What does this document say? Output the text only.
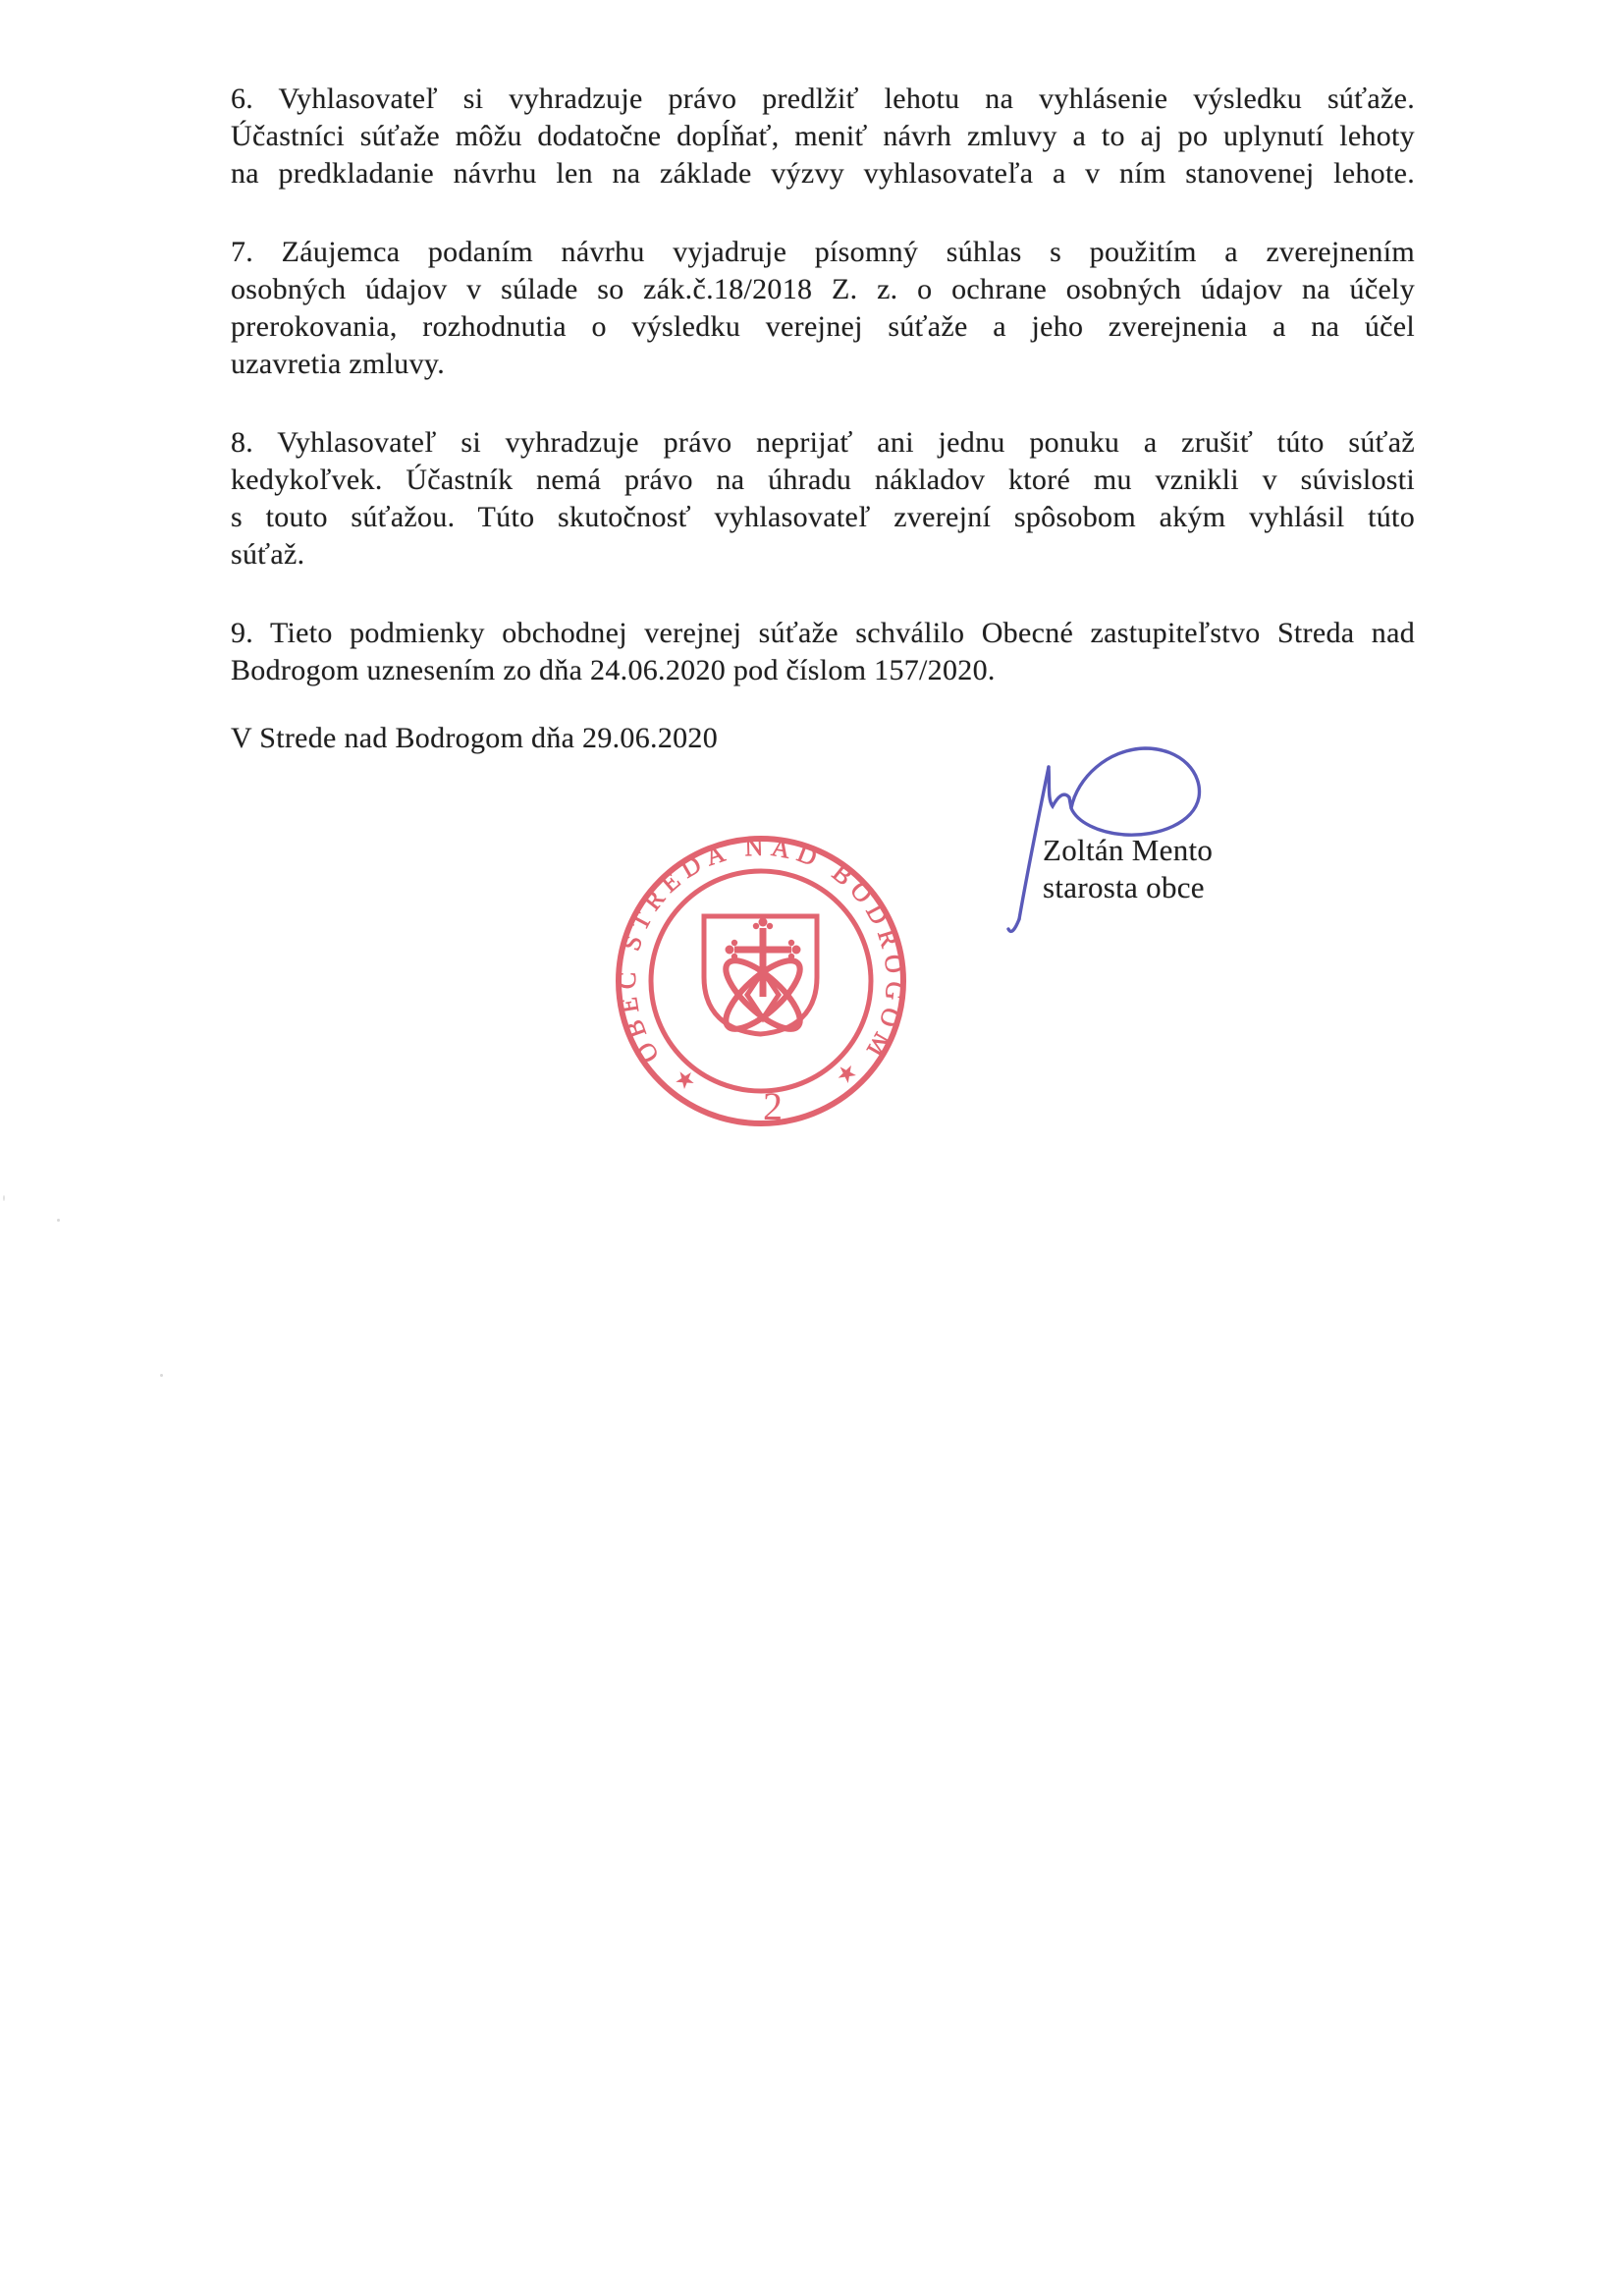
6. Vyhlasovateľ si vyhradzuje právo predlžiť lehotu na vyhlásenie výsledku súťaže.
Účastníci súťaže môžu dodatočne dopĺňať, meniť návrh zmluvy a to aj po uplynutí lehoty
na predkladanie návrhu len na základe výzvy vyhlasovateľa a v ním stanovenej lehote.
7. Záujemca podaním návrhu vyjadruje písomný súhlas s použitím a zverejnením
osobných údajov v súlade so zák.č.18/2018 Z. z. o ochrane osobných údajov na účely
prerokovania, rozhodnutia o výsledku verejnej súťaže a jeho zverejnenia a na účel
uzavretia zmluvy.
8. Vyhlasovateľ si vyhradzuje právo neprijať ani jednu ponuku a zrušiť túto súťaž
kedykoľvek. Účastník nemá právo na úhradu nákladov ktoré mu vznikli v súvislosti
s touto súťažou. Túto skutočnosť vyhlasovateľ zverejní spôsobom akým vyhlásil túto
súťaž.
9. Tieto podmienky obchodnej verejnej súťaže schválilo Obecné zastupiteľstvo Streda nad
Bodrogom uznesením zo dňa 24.06.2020 pod číslom 157/2020.
V Strede nad Bodrogom dňa 29.06.2020
Zoltán Mento
starosta obce
OBEC STREDA NAD BODROGOM
★	★
2
